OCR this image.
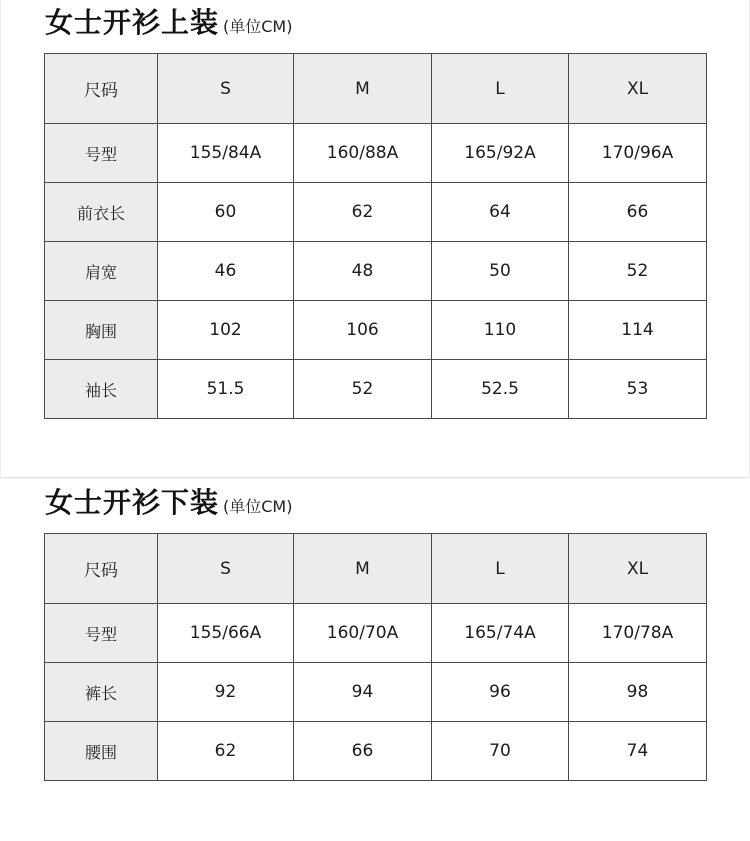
女士开衫上装 (单位CM)
尺码	S	M	L	XL
号型	155/84A	160/88A	165/92A	170/96A
前衣长	60	62	64	66
肩宽	46	48	50	52
胸围	102	106	110	114
袖长	51.5	52	52.5	53
女士开衫下装 (单位CM)
尺码	S	M	L	XL
号型	155/66A	160/70A	165/74A	170/78A
裤长	92	94	96	98
腰围	62	66	70	74
